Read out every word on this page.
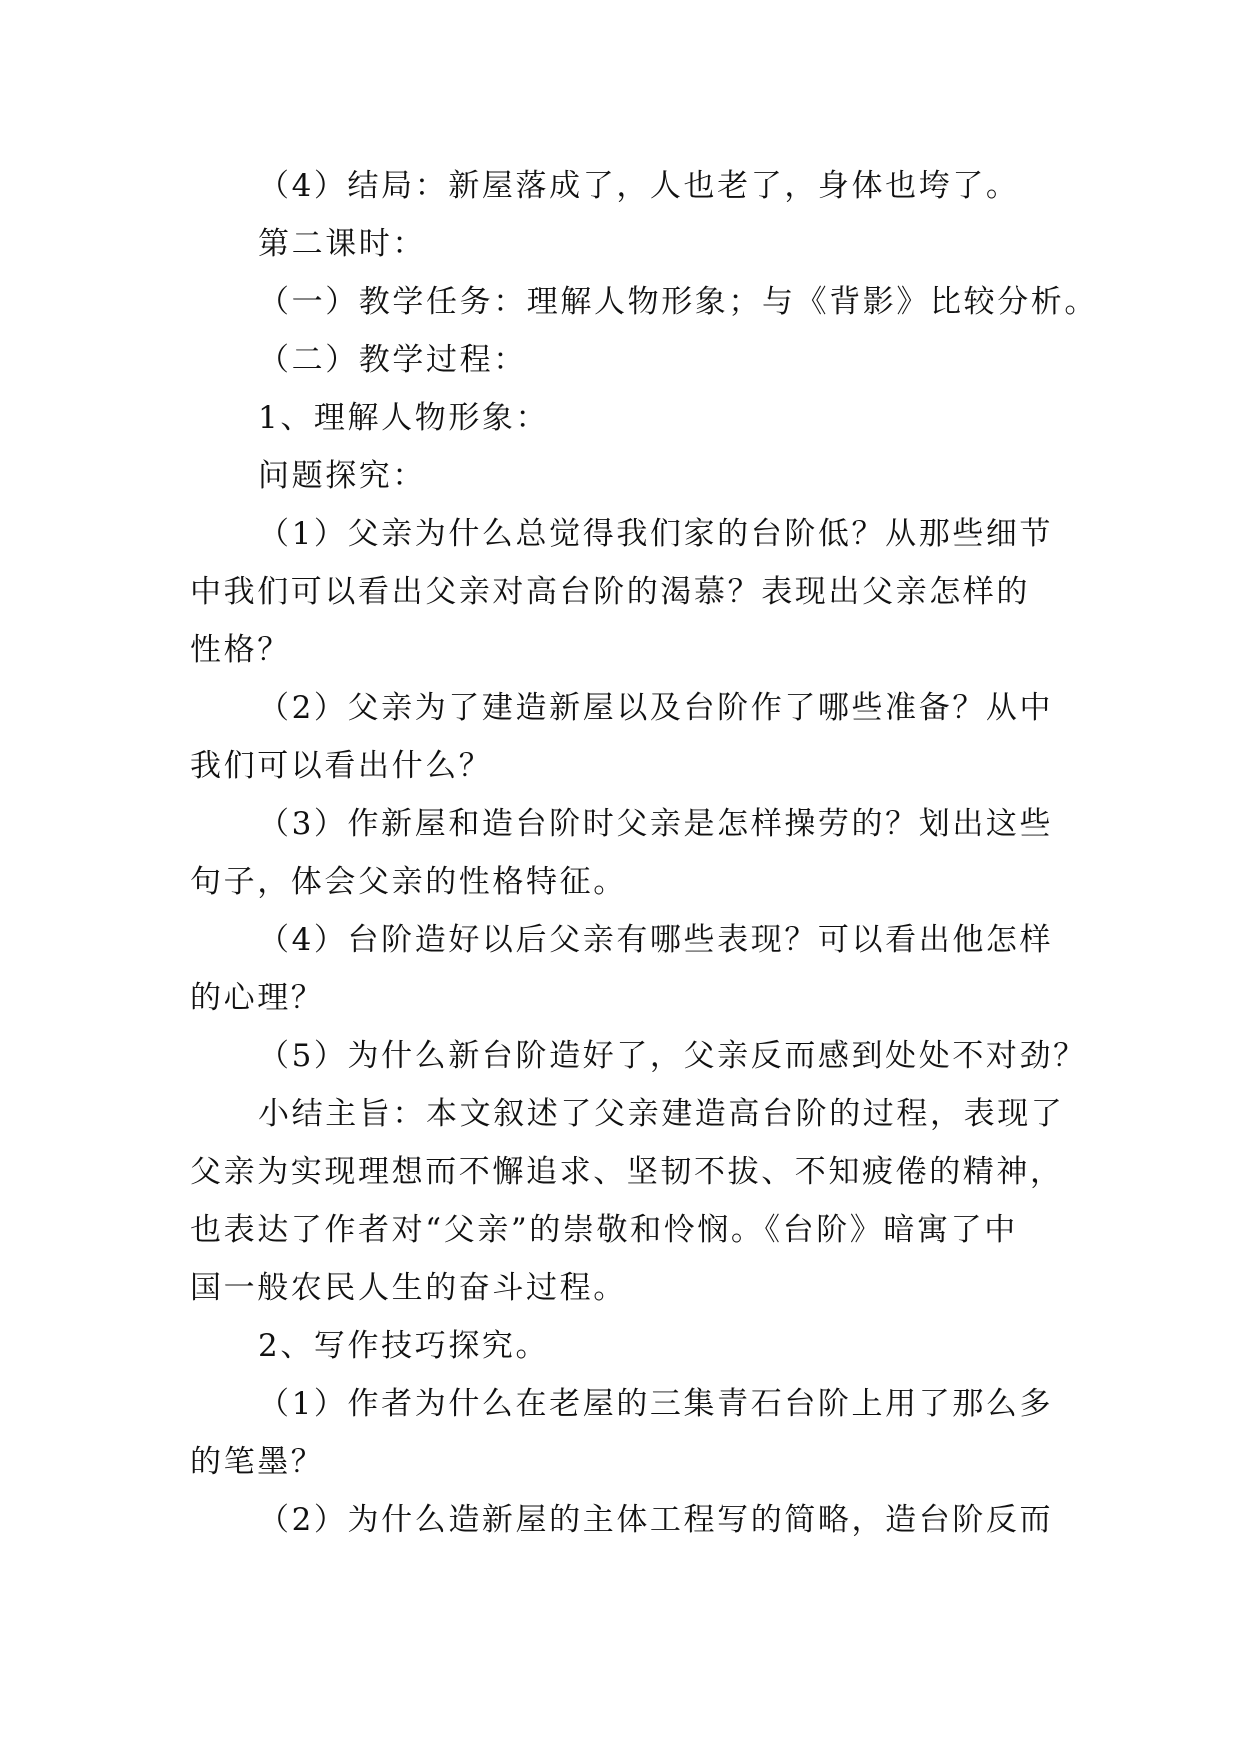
（4）结局：新屋落成了，人也老了，身体也垮了。
第二课时：
（一）教学任务：理解人物形象；与《背影》比较分析。
（二）教学过程：
1、理解人物形象：
问题探究：
（1）父亲为什么总觉得我们家的台阶低？从那些细节
中我们可以看出父亲对高台阶的渴慕？表现出父亲怎样的
性格？
（2）父亲为了建造新屋以及台阶作了哪些准备？从中
我们可以看出什么？
（3）作新屋和造台阶时父亲是怎样操劳的？划出这些
句子，体会父亲的性格特征。
（4）台阶造好以后父亲有哪些表现？可以看出他怎样
的心理？
（5）为什么新台阶造好了，父亲反而感到处处不对劲？
小结主旨：本文叙述了父亲建造高台阶的过程，表现了
父亲为实现理想而不懈追求、坚韧不拔、不知疲倦的精神，
也表达了作者对“父亲”的崇敬和怜悯。《台阶》暗寓了中
国一般农民人生的奋斗过程。
2、写作技巧探究。
（1）作者为什么在老屋的三集青石台阶上用了那么多
的笔墨？
（2）为什么造新屋的主体工程写的简略，造台阶反而
